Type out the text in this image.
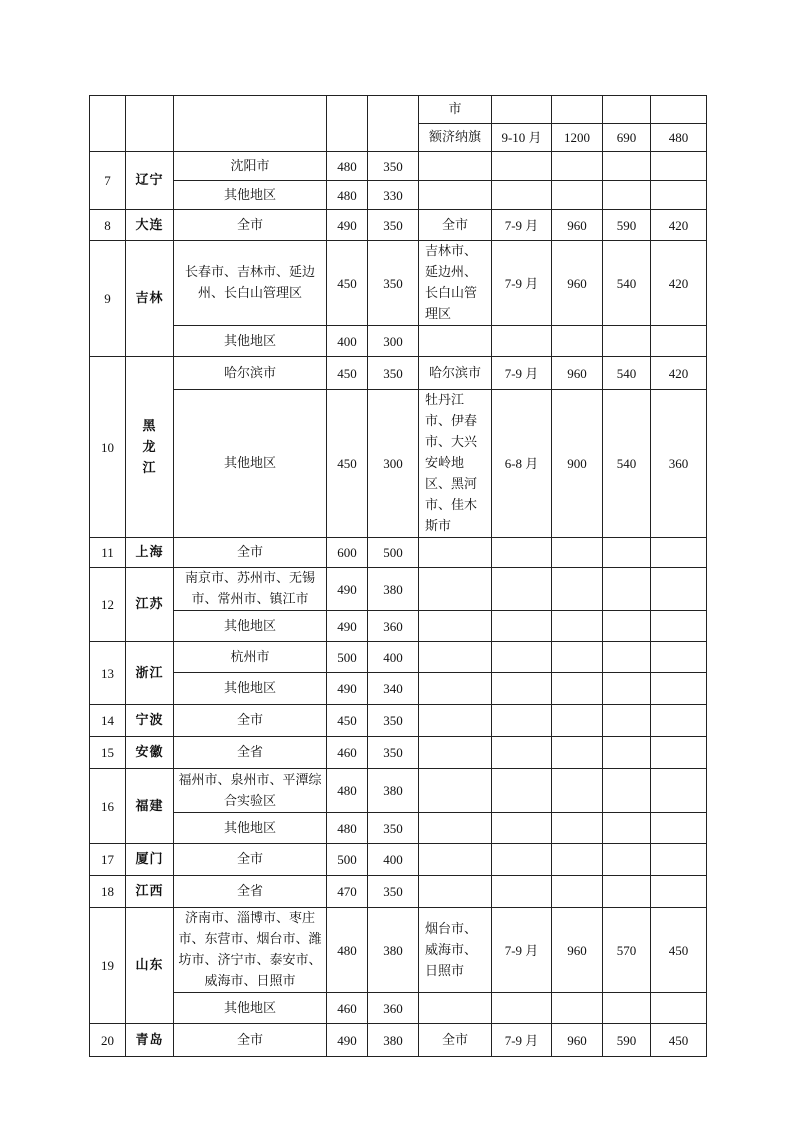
					市				
					额济纳旗	9-10 月	1200	690	480
7	辽宁	沈阳市	480	350					
		其他地区	480	330					
8	大连	全市	490	350	全市	7-9 月	960	590	420
9	吉林	长春市、吉林市、延边州、长白山管理区	450	350	吉林市、延边州、长白山管理区	7-9 月	960	540	420
		其他地区	400	300					
10	黑龙江	哈尔滨市	450	350	哈尔滨市	7-9 月	960	540	420
		其他地区	450	300	牡丹江市、伊春市、大兴安岭地区、黑河市、佳木斯市	6-8 月	900	540	360
11	上海	全市	600	500					
12	江苏	南京市、苏州市、无锡市、常州市、镇江市	490	380					
		其他地区	490	360					
13	浙江	杭州市	500	400					
		其他地区	490	340					
14	宁波	全市	450	350					
15	安徽	全省	460	350					
16	福建	福州市、泉州市、平潭综合实验区	480	380					
		其他地区	480	350					
17	厦门	全市	500	400					
18	江西	全省	470	350					
19	山东	济南市、淄博市、枣庄市、东营市、烟台市、潍坊市、济宁市、泰安市、威海市、日照市	480	380	烟台市、威海市、日照市	7-9 月	960	570	450
		其他地区	460	360					
20	青岛	全市	490	380	全市	7-9 月	960	590	450
